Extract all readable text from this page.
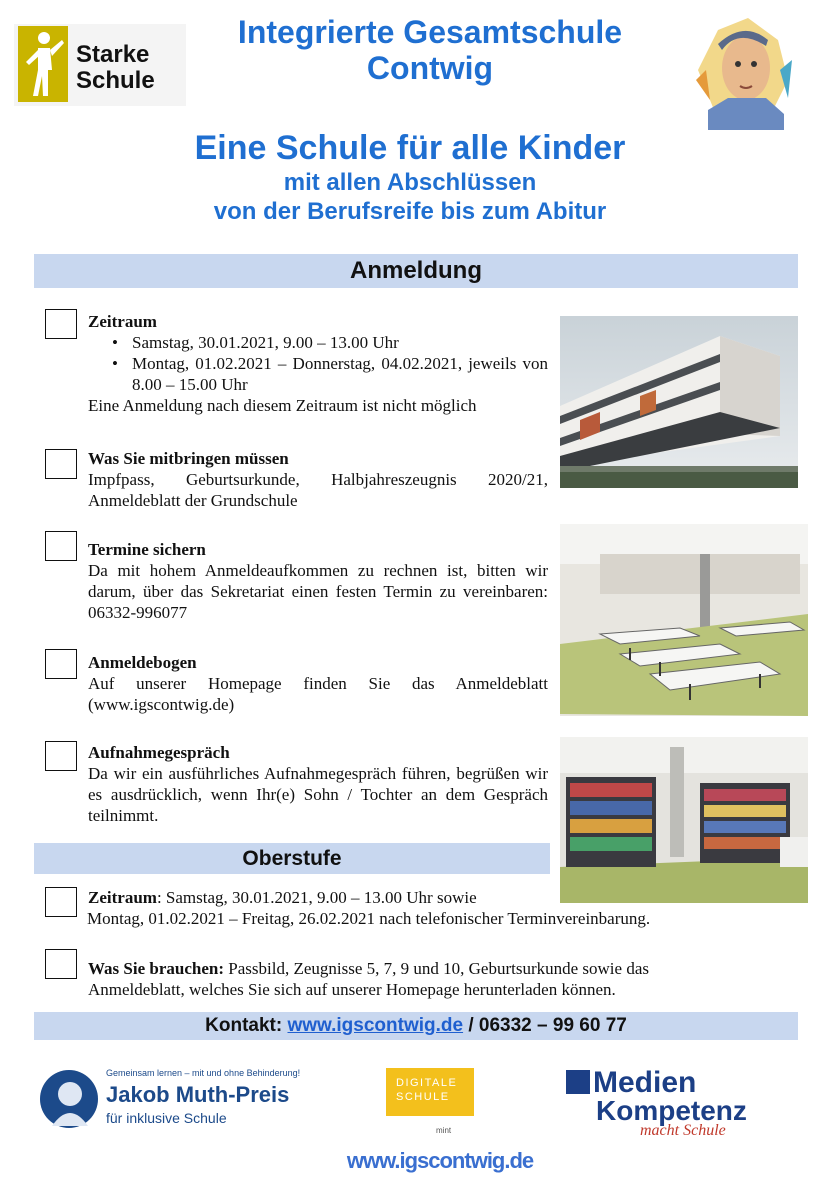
Starke
Schule
Integrierte Gesamtschule
Contwig
Eine Schule für alle Kinder
mit allen Abschlüssen
von der Berufsreife bis zum Abitur
Anmeldung
Zeitraum
• Samstag, 30.01.2021, 9.00 – 13.00 Uhr
• Montag, 01.02.2021 – Donnerstag, 04.02.2021, jeweils von 8.00 – 15.00 Uhr
Eine Anmeldung nach diesem Zeitraum ist nicht möglich
Was Sie mitbringen müssen
Impfpass, Geburtsurkunde, Halbjahreszeugnis 2020/21, Anmeldeblatt der Grundschule
Termine sichern
Da mit hohem Anmeldeaufkommen zu rechnen ist, bitten wir darum, über das Sekretariat einen festen Termin zu vereinbaren: 06332-996077
Anmeldebogen
Auf unserer Homepage finden Sie das Anmeldeblatt (www.igscontwig.de)
Aufnahmegespräch
Da wir ein ausführliches Aufnahmegespräch führen, begrüßen wir es ausdrücklich, wenn Ihr(e) Sohn / Tochter an dem Gespräch teilnimmt.
Oberstufe
Zeitraum: Samstag, 30.01.2021, 9.00 – 13.00 Uhr sowie
Montag, 01.02.2021 – Freitag, 26.02.2021 nach telefonischer Terminvereinbarung.
Was Sie brauchen: Passbild, Zeugnisse 5, 7, 9 und 10, Geburtsurkunde sowie das Anmeldeblatt, welches Sie sich auf unserer Homepage herunterladen können.
Kontakt: www.igscontwig.de / 06332 – 99 60 77
Gemeinsam lernen – mit und ohne Behinderung!
Jakob Muth-Preis
für inklusive Schule
DIGITALE
SCHULE
mint
Medien
Kompetenz
macht Schule
www.igscontwig.de
